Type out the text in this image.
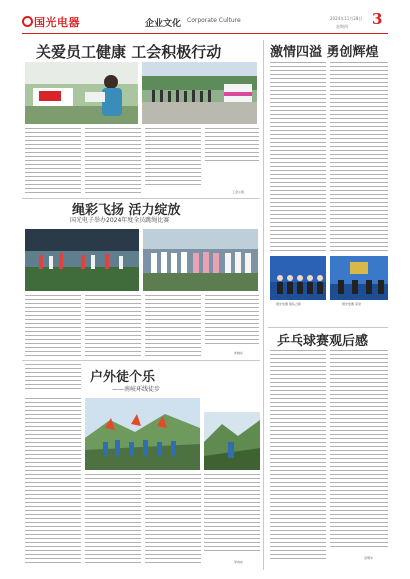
国光电器	企业文化 Corporate Culture	2024年11月28日
星期四 3
关爱员工健康 工会积极行动
工会小组
绳彩飞扬 活力绽放
国光电子举办2024年度全员跳绳比赛
朱晓东
户外徒个乐
——南岐环线徒步
李向东
激情四溢 勇创辉煌
国光电器 团队合影	国光电器 荣誉
乒乓球赛观后感
吴明华
